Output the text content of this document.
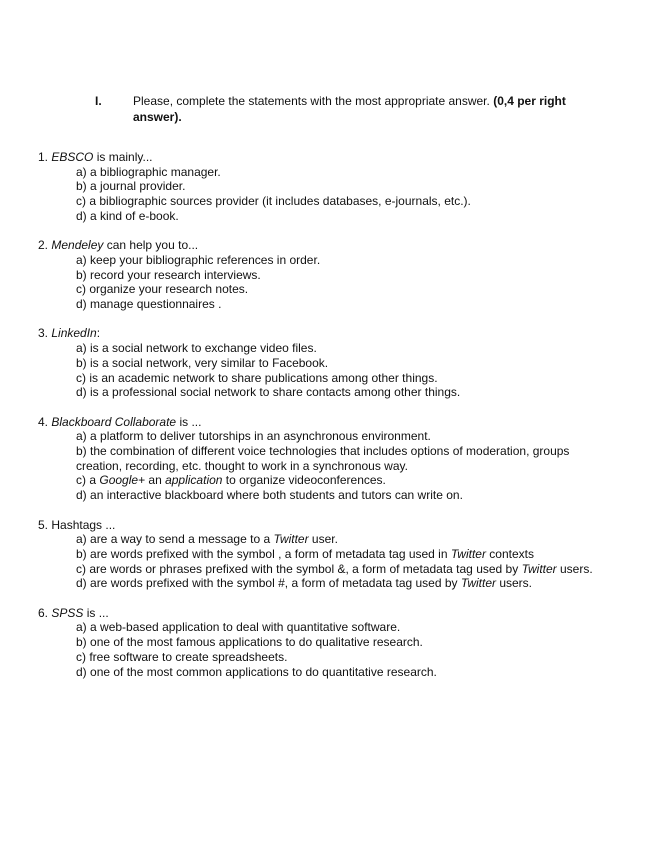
I.	Please, complete the statements with the most appropriate answer. (0,4 per right answer).
1. EBSCO is mainly...
a) a bibliographic manager.
b) a journal provider.
c) a bibliographic sources provider (it includes databases, e-journals, etc.).
d) a kind of e-book.
2. Mendeley can help you to...
a) keep your bibliographic references in order.
b) record your research interviews.
c) organize your research notes.
d) manage questionnaires .
3. LinkedIn:
a) is a social network to exchange video files.
b) is a social network, very similar to Facebook.
c) is an academic network to share publications among other things.
d) is a professional social network to share contacts among other things.
4. Blackboard Collaborate is ...
a) a platform to deliver tutorships in an asynchronous environment.
b) the combination of different voice technologies that includes options of moderation, groups creation, recording, etc. thought to work in a synchronous way.
c) a Google+ an application to organize videoconferences.
d) an interactive blackboard where both students and tutors can write on.
5. Hashtags ...
a) are a way to send a message to a Twitter user.
b) are words prefixed with the symbol , a form of metadata tag used in Twitter contexts
c) are words or phrases prefixed with the symbol &, a form of metadata tag used by Twitter users.
d) are words prefixed with the symbol #, a form of metadata tag used by Twitter users.
6. SPSS is ...
a) a web-based application to deal with quantitative software.
b) one of the most famous applications to do qualitative research.
c) free software to create spreadsheets.
d) one of the most common applications to do quantitative research.
